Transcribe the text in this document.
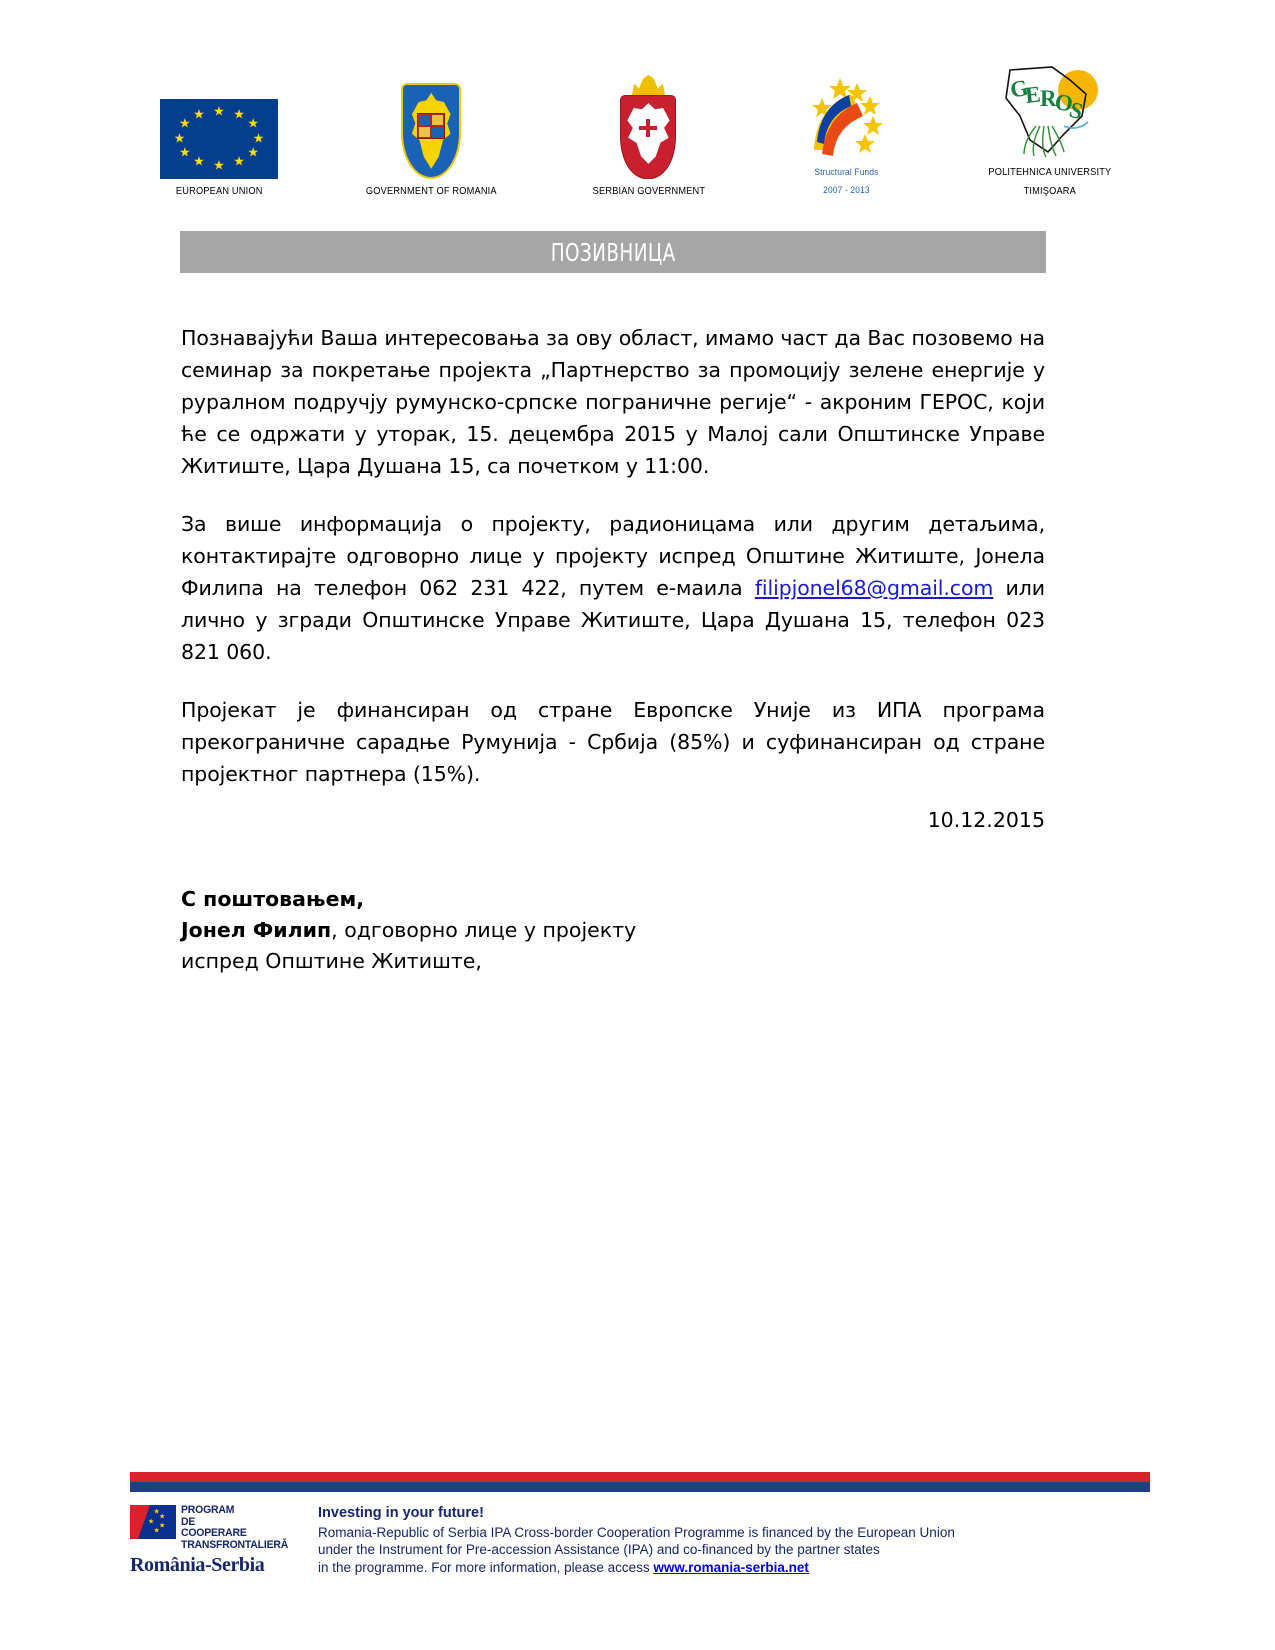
★ ★
★
★
★
★
★
★
★
★
★
★
EUROPEAN UNION	GOVERNMENT OF ROMANIA	SERBIAN GOVERNMENT
Structural Funds
2007 - 2013
G
E
R
O
S
POLITEHNICA UNIVERSITY
TIMIŞOARA
ПОЗИВНИЦА

Познавајући Ваша интересовања за ову област, имамо част да Вас позовемо на семинар за покретање пројекта „Партнерство за промоцију зелене енергије у руралном подручју румунско-српске пограничне регије“ - акроним ГЕРОС, који ће се одржати у уторак, 15. децембра 2015 у Малој сали Општинске Управе Житиште, Цара Душана 15, са почетком у 11:00.

За више информација о пројекту, радионицама или другим детаљима, контактирајте одговорно лице у пројекту испред Општине Житиште, Јонела Филипа на телефон 062 231 422, путем е-маила filipjonel68@gmail.com или лично у згради Општинске Управе Житиште, Цара Душана 15, телефон 023 821 060.

Пројекат је финансиран од стране Европске Уније из ИПА програма прекограничне сарадње Румунија - Србија (85%) и суфинансиран од стране пројектног партнера (15%).

10.12.2015
С поштовањем,
Јонел Филип, одговорно лице у пројекту
испред Општине Житиште,
★
★
★
★
★
PROGRAM
DE
COOPERARE
TRANSFRONTALIERĂ
România-Serbia
Investing in your future!
Romania-Republic of Serbia IPA Cross-border Cooperation Programme is financed by the European Union
under the Instrument for Pre-accession Assistance (IPA) and co-financed by the partner states
in the programme. For more information, please access www.romania-serbia.net
